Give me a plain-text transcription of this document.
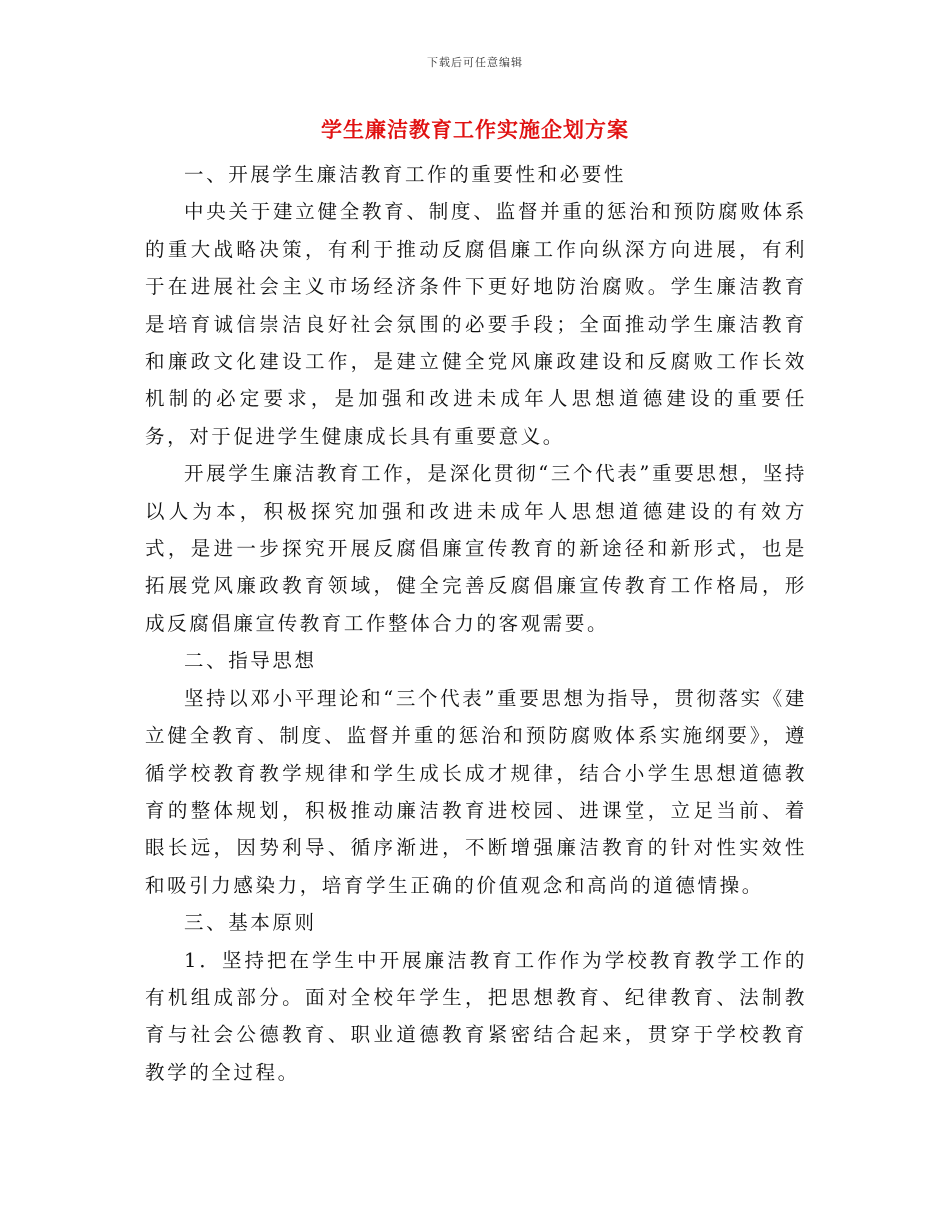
下载后可任意编辑
学生廉洁教育工作实施企划方案

一、开展学生廉洁教育工作的重要性和必要性

中央关于建立健全教育、制度、监督并重的惩治和预防腐败体系的重大战略决策，有利于推动反腐倡廉工作向纵深方向进展，有利于在进展社会主义市场经济条件下更好地防治腐败。学生廉洁教育是培育诚信崇洁良好社会氛围的必要手段；全面推动学生廉洁教育和廉政文化建设工作，是建立健全党风廉政建设和反腐败工作长效机制的必定要求，是加强和改进未成年人思想道德建设的重要任务，对于促进学生健康成长具有重要意义。

开展学生廉洁教育工作，是深化贯彻“三个代表”重要思想，坚持以人为本，积极探究加强和改进未成年人思想道德建设的有效方式，是进一步探究开展反腐倡廉宣传教育的新途径和新形式，也是拓展党风廉政教育领域，健全完善反腐倡廉宣传教育工作格局，形成反腐倡廉宣传教育工作整体合力的客观需要。

二、指导思想

坚持以邓小平理论和“三个代表”重要思想为指导，贯彻落实《建立健全教育、制度、监督并重的惩治和预防腐败体系实施纲要》，遵循学校教育教学规律和学生成长成才规律，结合小学生思想道德教育的整体规划，积极推动廉洁教育进校园、进课堂，立足当前、着眼长远，因势利导、循序渐进，不断增强廉洁教育的针对性实效性和吸引力感染力，培育学生正确的价值观念和高尚的道德情操。

三、基本原则

1．坚持把在学生中开展廉洁教育工作作为学校教育教学工作的有机组成部分。面对全校年学生，把思想教育、纪律教育、法制教育与社会公德教育、职业道德教育紧密结合起来，贯穿于学校教育教学的全过程。
